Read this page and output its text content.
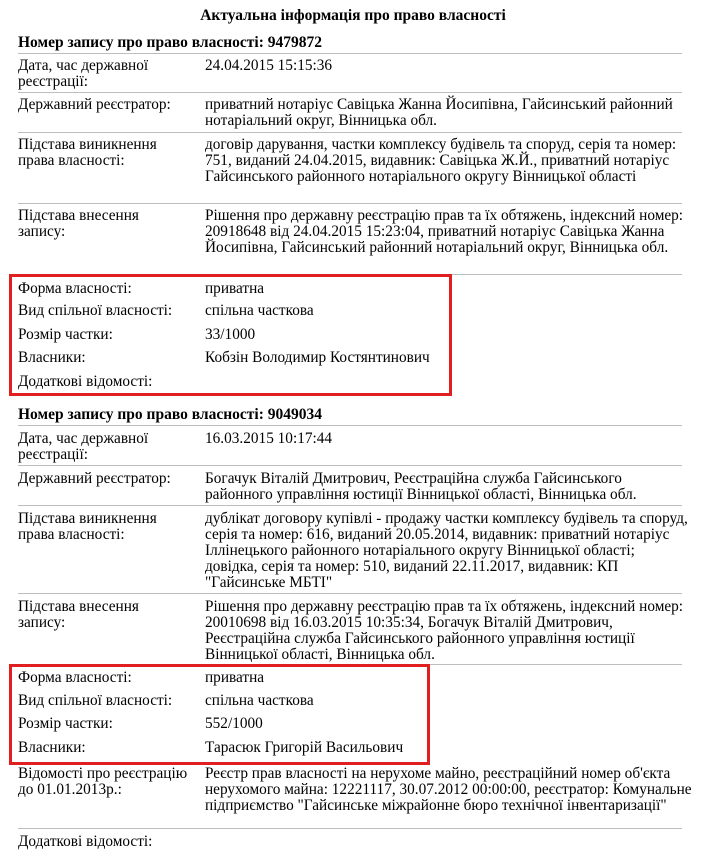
Актуальна інформація про право власності
Номер запису про право власності: 9479872
Дата, час державної реєстрації:
24.04.2015 15:15:36
Державний реєстратор:	приватний нотаріус Савіцька Жанна Йосипівна, Гайсинський районний нотаріальний округ, Вінницька обл.
Підстава виникнення права власності:
договір дарування, частки комплексу будівель та споруд, серія та номер: 751, виданий 24.04.2015, видавник: Савіцька Ж.Й., приватний нотаріус Гайсинського районного нотаріального округу Вінницької області
Підстава внесення запису:
Рішення про державну реєстрацію прав та їх обтяжень, індексний номер: 20918648 від 24.04.2015 15:23:04, приватний нотаріус Савіцька Жанна Йосипівна, Гайсинський районний нотаріальний округ, Вінницька обл.
Форма власності:	приватна
Вид спільної власності:	спільна часткова
Розмір частки:	33/1000
Власники:	Кобзін Володимир Костянтинович
Додаткові відомості:
Номер запису про право власності: 9049034
Дата, час державної реєстрації:
16.03.2015 10:17:44
Державний реєстратор:	Богачук Віталій Дмитрович, Реєстраційна служба Гайсинського районного управління юстиції Вінницької області, Вінницька обл.
Підстава виникнення права власності:
дублікат договору купівлі - продажу частки комплексу будівель та споруд, серія та номер: 616, виданий 20.05.2014, видавник: приватний нотаріус Іллінецького районного нотаріального округу Вінницької області; довідка, серія та номер: 510, виданий 22.11.2017, видавник: КП "Гайсинське МБТІ"
Підстава внесення запису:
Рішення про державну реєстрацію прав та їх обтяжень, індексний номер: 20010698 від 16.03.2015 10:35:34, Богачук Віталій Дмитрович, Реєстраційна служба Гайсинського районного управління юстиції Вінницької області, Вінницька обл.
Форма власності:	приватна
Вид спільної власності:	спільна часткова
Розмір частки:	552/1000
Власники:	Тарасюк Григорій Васильович
Відомості про реєстрацію до 01.01.2013р.:
Реєстр прав власності на нерухоме майно, реєстраційний номер об'єкта нерухомого майна: 12221117, 30.07.2012 00:00:00, реєстратор: Комунальне підприємство "Гайсинське міжрайонне бюро технічної інвентаризації"
Додаткові відомості:
